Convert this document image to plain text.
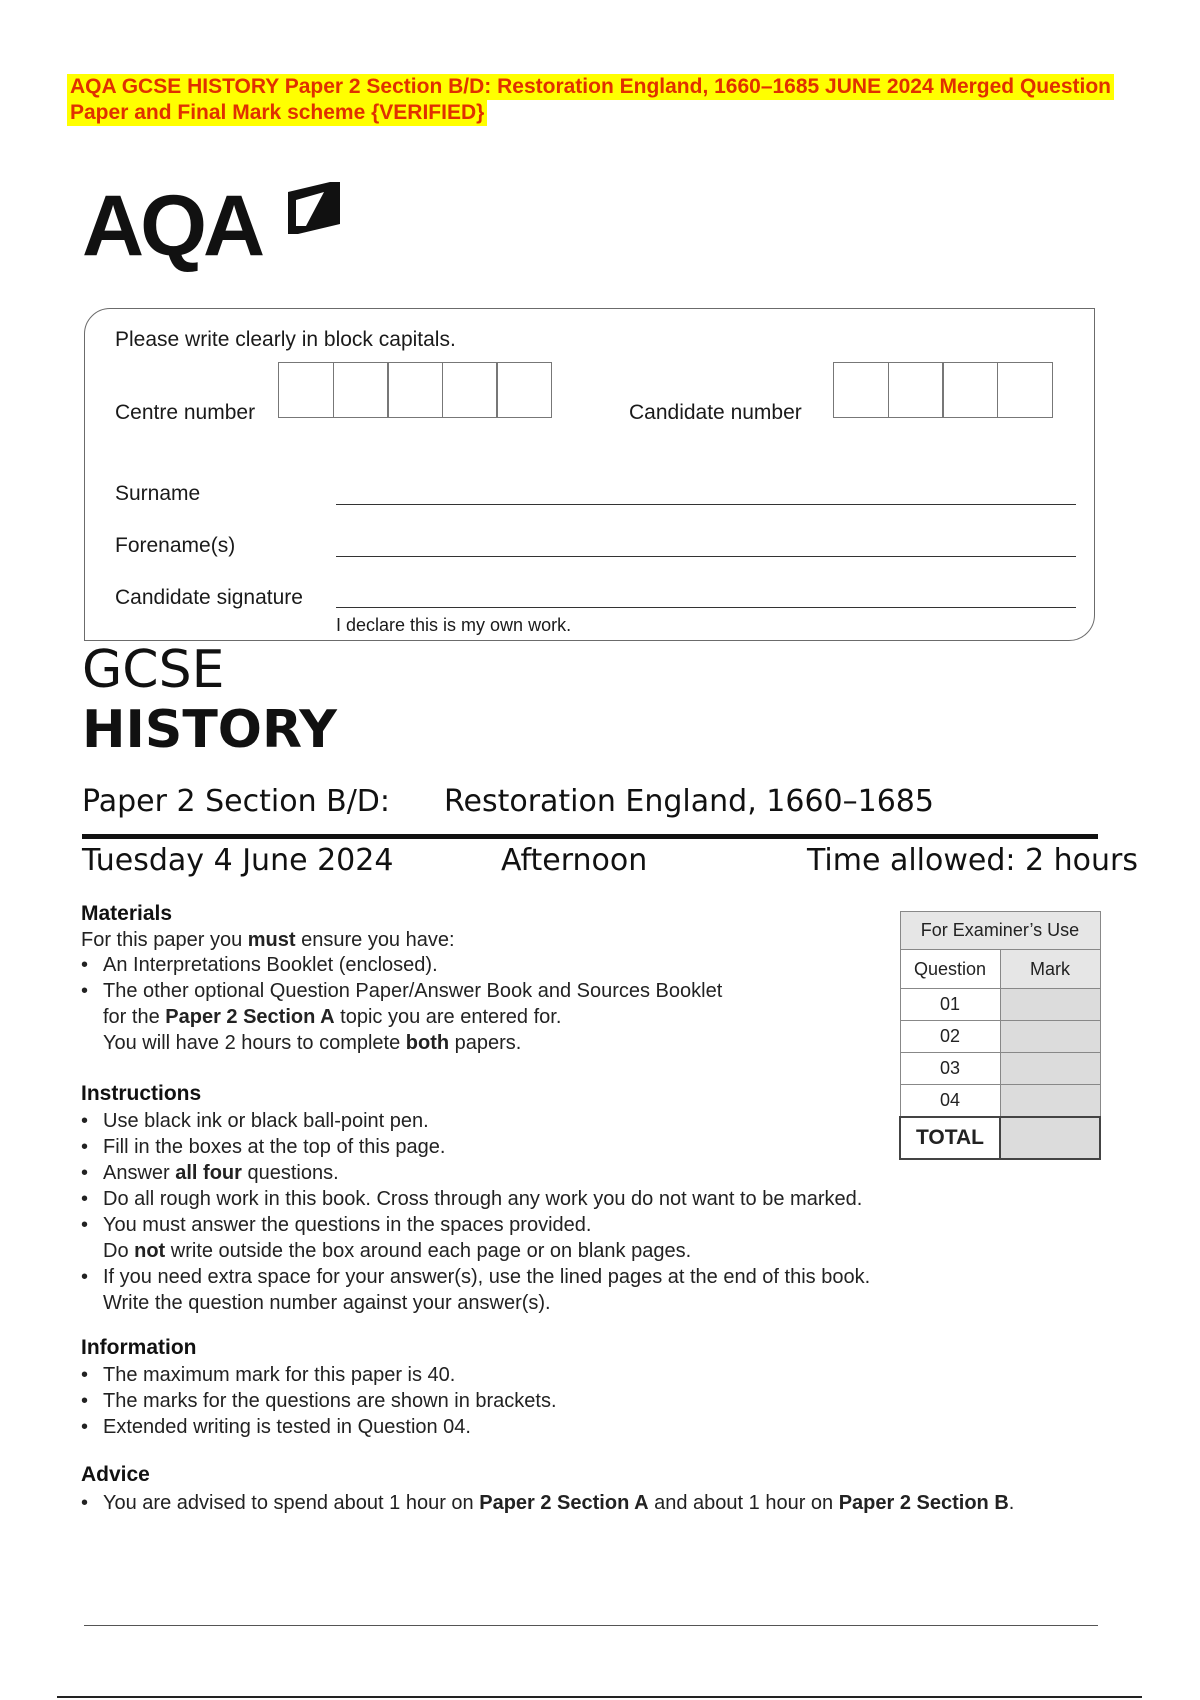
AQA GCSE HISTORY Paper 2 Section B/D: Restoration England, 1660–1685 JUNE 2024 Merged Question
Paper and Final Mark scheme {VERIFIED}
AQA
Please write clearly in block capitals.
Centre number	Candidate number
Surname
Forename(s)
Candidate signature
I declare this is my own work.
GCSE
HISTORY
Paper 2 Section B/D: Restoration England, 1660–1685
Tuesday 4 June 2024	Afternoon	Time allowed: 2 hours
Materials
For this paper you must ensure you have:
• An Interpretations Booklet (enclosed).
• The other optional Question Paper/Answer Book and Sources Booklet
for the Paper 2 Section A topic you are entered for.
You will have 2 hours to complete both papers.
Instructions
• Use black ink or black ball-point pen.
• Fill in the boxes at the top of this page.
• Answer all four questions.
• Do all rough work in this book. Cross through any work you do not want to be marked.
• You must answer the questions in the spaces provided.
Do not write outside the box around each page or on blank pages.
• If you need extra space for your answer(s), use the lined pages at the end of this book.
Write the question number against your answer(s).
Information
• The maximum mark for this paper is 40.
• The marks for the questions are shown in brackets.
• Extended writing is tested in Question 04.
Advice
• You are advised to spend about 1 hour on Paper 2 Section A and about 1 hour on Paper 2 Section B.
For Examiner’s Use	
Question	Mark
01	
02	
03	
04	
TOTAL	
